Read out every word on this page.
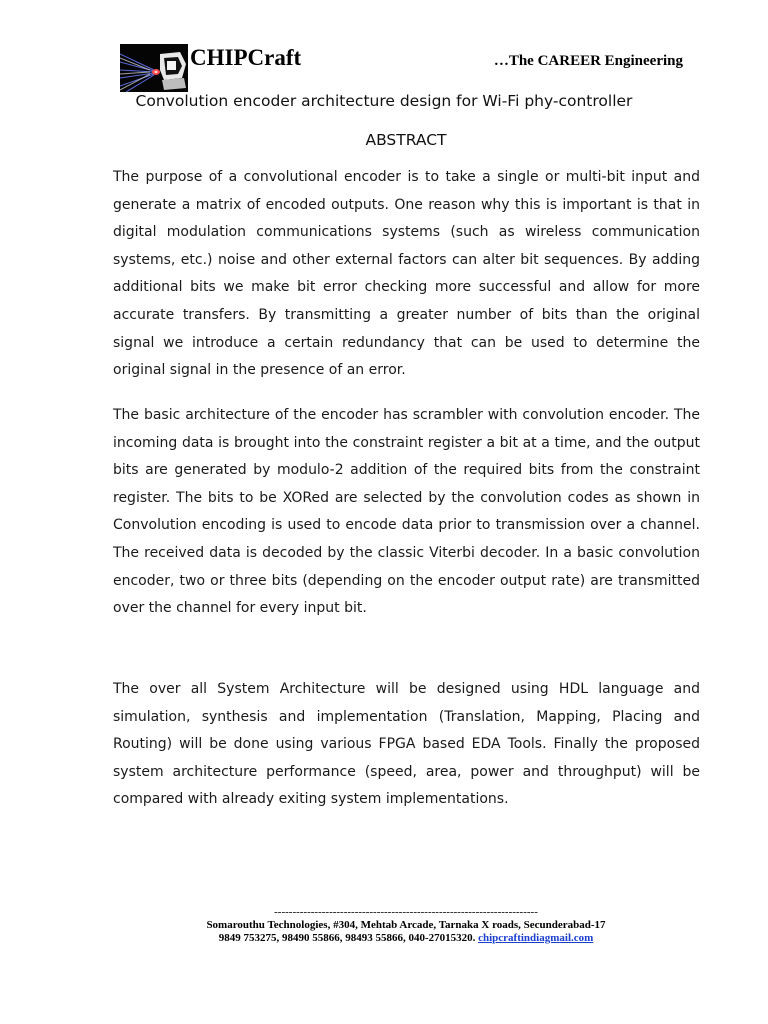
CHIPCraft	…The CAREER Engineering
Convolution encoder architecture design for Wi-Fi phy-controller
ABSTRACT

The purpose of a convolutional encoder is to take a single or multi-bit input and generate a matrix of encoded outputs. One reason why this is important is that in digital modulation communications systems (such as wireless communication systems, etc.) noise and other external factors can alter bit sequences. By adding additional bits we make bit error checking more successful and allow for more accurate transfers. By transmitting a greater number of bits than the original signal we introduce a certain redundancy that can be used to determine the original signal in the presence of an error.

The basic architecture of the encoder has scrambler with convolution encoder. The incoming data is brought into the constraint register a bit at a time, and the output bits are generated by modulo-2 addition of the required bits from the constraint register. The bits to be XORed are selected by the convolution codes as shown in Convolution encoding is used to encode data prior to transmission over a channel. The received data is decoded by the classic Viterbi decoder. In a basic convolution encoder, two or three bits (depending on the encoder output rate) are transmitted over the channel for every input bit.

The over all System Architecture will be designed using HDL language and simulation, synthesis and implementation (Translation, Mapping, Placing and Routing) will be done using various FPGA based EDA Tools. Finally the proposed system architecture performance (speed, area, power and throughput) will be compared with already exiting system implementations.

------------------------------------------------------------------------
Somarouthu Technologies, #304, Mehtab Arcade, Tarnaka X roads, Secunderabad-17
9849 753275, 98490 55866, 98493 55866, 040-27015320. chipcraftindiagmail.com
